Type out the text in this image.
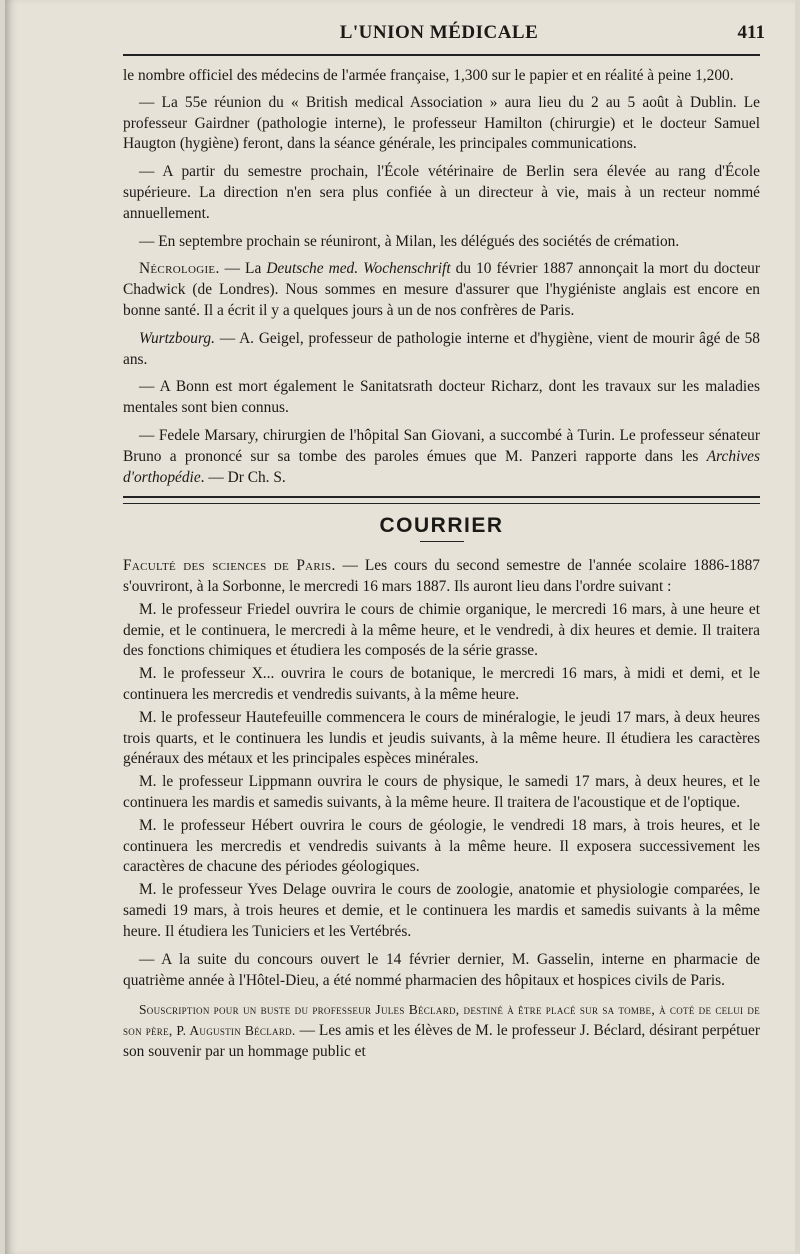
L'UNION MÉDICALE	411

le nombre officiel des médecins de l'armée française, 1,300 sur le papier et en réalité à peine 1,200.

— La 55e réunion du « British medical Association » aura lieu du 2 au 5 août à Dublin. Le professeur Gairdner (pathologie interne), le professeur Hamilton (chirurgie) et le docteur Samuel Haugton (hygiène) feront, dans la séance générale, les principales communications.

— A partir du semestre prochain, l'École vétérinaire de Berlin sera élevée au rang d'École supérieure. La direction n'en sera plus confiée à un directeur à vie, mais à un recteur nommé annuellement.

— En septembre prochain se réuniront, à Milan, les délégués des sociétés de crémation.

Nécrologie. — La Deutsche med. Wochenschrift du 10 février 1887 annonçait la mort du docteur Chadwick (de Londres). Nous sommes en mesure d'assurer que l'hygiéniste anglais est encore en bonne santé. Il a écrit il y a quelques jours à un de nos confrères de Paris.

Wurtzbourg. — A. Geigel, professeur de pathologie interne et d'hygiène, vient de mourir âgé de 58 ans.

— A Bonn est mort également le Sanitatsrath docteur Richarz, dont les travaux sur les maladies mentales sont bien connus.

— Fedele Marsary, chirurgien de l'hôpital San Giovani, a succombé à Turin. Le professeur sénateur Bruno a prononcé sur sa tombe des paroles émues que M. Panzeri rapporte dans les Archives d'orthopédie. — Dr Ch. S.

COURRIER

Faculté des sciences de Paris. — Les cours du second semestre de l'année scolaire 1886-1887 s'ouvriront, à la Sorbonne, le mercredi 16 mars 1887. Ils auront lieu dans l'ordre suivant :

M. le professeur Friedel ouvrira le cours de chimie organique, le mercredi 16 mars, à une heure et demie, et le continuera, le mercredi à la même heure, et le vendredi, à dix heures et demie. Il traitera des fonctions chimiques et étudiera les composés de la série grasse.

M. le professeur X... ouvrira le cours de botanique, le mercredi 16 mars, à midi et demi, et le continuera les mercredis et vendredis suivants, à la même heure.

M. le professeur Hautefeuille commencera le cours de minéralogie, le jeudi 17 mars, à deux heures trois quarts, et le continuera les lundis et jeudis suivants, à la même heure. Il étudiera les caractères généraux des métaux et les principales espèces minérales.

M. le professeur Lippmann ouvrira le cours de physique, le samedi 17 mars, à deux heures, et le continuera les mardis et samedis suivants, à la même heure. Il traitera de l'acoustique et de l'optique.

M. le professeur Hébert ouvrira le cours de géologie, le vendredi 18 mars, à trois heures, et le continuera les mercredis et vendredis suivants à la même heure. Il exposera successivement les caractères de chacune des périodes géologiques.

M. le professeur Yves Delage ouvrira le cours de zoologie, anatomie et physiologie comparées, le samedi 19 mars, à trois heures et demie, et le continuera les mardis et samedis suivants à la même heure. Il étudiera les Tuniciers et les Vertébrés.

— A la suite du concours ouvert le 14 février dernier, M. Gasselin, interne en pharmacie de quatrième année à l'Hôtel-Dieu, a été nommé pharmacien des hôpitaux et hospices civils de Paris.

Souscription pour un buste du professeur Jules Béclard, destiné à être placé sur sa tombe, à coté de celui de son père, P. Augustin Béclard. — Les amis et les élèves de M. le professeur J. Béclard, désirant perpétuer son souvenir par un hommage public et
